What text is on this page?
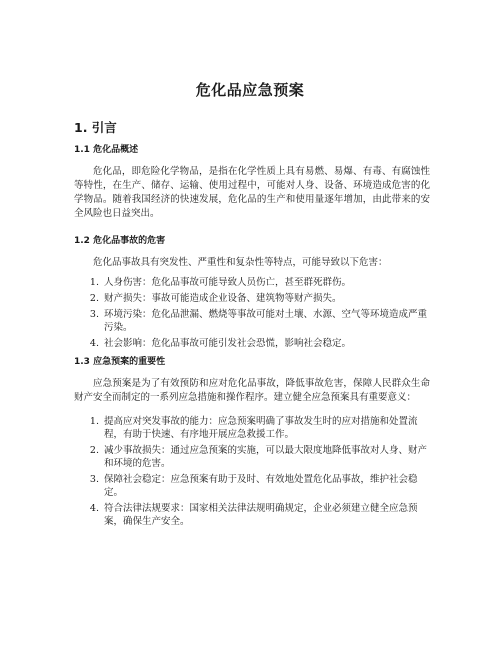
危化品应急预案
1. 引言
1.1 危化品概述

危化品，即危险化学物品，是指在化学性质上具有易燃、易爆、有毒、有腐蚀性等特性，在生产、储存、运输、使用过程中，可能对人身、设备、环境造成危害的化学物品。随着我国经济的快速发展，危化品的生产和使用量逐年增加，由此带来的安全风险也日益突出。

1.2 危化品事故的危害

危化品事故具有突发性、严重性和复杂性等特点，可能导致以下危害：

1. 人身伤害：危化品事故可能导致人员伤亡，甚至群死群伤。
2. 财产损失：事故可能造成企业设备、建筑物等财产损失。
3. 环境污染：危化品泄漏、燃烧等事故可能对土壤、水源、空气等环境造成严重污染。
4. 社会影响：危化品事故可能引发社会恐慌，影响社会稳定。
1.3 应急预案的重要性

应急预案是为了有效预防和应对危化品事故，降低事故危害，保障人民群众生命财产安全而制定的一系列应急措施和操作程序。建立健全应急预案具有重要意义：

1. 提高应对突发事故的能力：应急预案明确了事故发生时的应对措施和处置流程，有助于快速、有序地开展应急救援工作。
2. 减少事故损失：通过应急预案的实施，可以最大限度地降低事故对人身、财产和环境的危害。
3. 保障社会稳定：应急预案有助于及时、有效地处置危化品事故，维护社会稳定。
4. 符合法律法规要求：国家相关法律法规明确规定，企业必须建立健全应急预案，确保生产安全。
